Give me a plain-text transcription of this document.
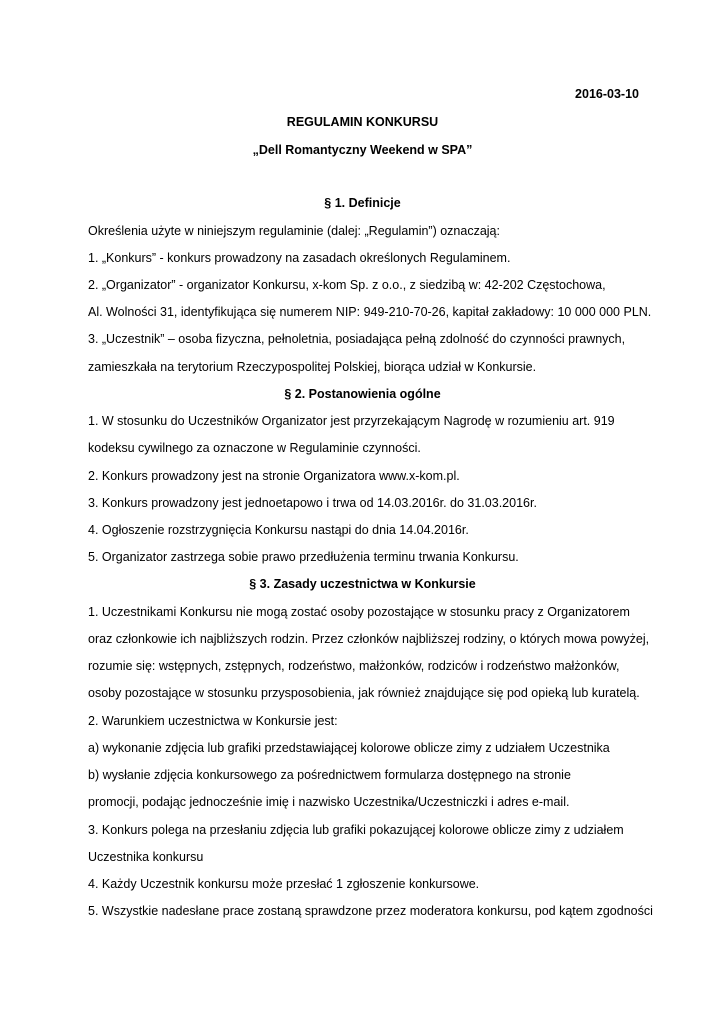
2016-03-10
REGULAMIN KONKURSU
„Dell Romantyczny Weekend w SPA”
§ 1. Definicje
Określenia użyte w niniejszym regulaminie (dalej: „Regulamin”) oznaczają:
1. „Konkurs” - konkurs prowadzony na zasadach określonych Regulaminem.
2. „Organizator” - organizator Konkursu, x-kom Sp. z o.o., z siedzibą w: 42-202 Częstochowa,
Al. Wolności 31, identyfikująca się numerem NIP: 949-210-70-26, kapitał zakładowy: 10 000 000 PLN.
3. „Uczestnik” – osoba fizyczna, pełnoletnia, posiadająca pełną zdolność do czynności prawnych,
zamieszkała na terytorium Rzeczypospolitej Polskiej, biorąca udział w Konkursie.
§ 2. Postanowienia ogólne
1. W stosunku do Uczestników Organizator jest przyrzekającym Nagrodę w rozumieniu art. 919
kodeksu cywilnego za oznaczone w Regulaminie czynności.
2. Konkurs prowadzony jest na stronie Organizatora www.x-kom.pl.
3. Konkurs prowadzony jest jednoetapowo i trwa od 14.03.2016r. do 31.03.2016r.
4. Ogłoszenie rozstrzygnięcia Konkursu nastąpi do dnia 14.04.2016r.
5. Organizator zastrzega sobie prawo przedłużenia terminu trwania Konkursu.
§ 3. Zasady uczestnictwa w Konkursie
1. Uczestnikami Konkursu nie mogą zostać osoby pozostające w stosunku pracy z Organizatorem
oraz członkowie ich najbliższych rodzin. Przez członków najbliższej rodziny, o których mowa powyżej,
rozumie się: wstępnych, zstępnych, rodzeństwo, małżonków, rodziców i rodzeństwo małżonków,
osoby pozostające w stosunku przysposobienia, jak również znajdujące się pod opieką lub kuratelą.
2. Warunkiem uczestnictwa w Konkursie jest:
a) wykonanie zdjęcia lub grafiki przedstawiającej kolorowe oblicze zimy z udziałem Uczestnika
b) wysłanie zdjęcia konkursowego za pośrednictwem formularza dostępnego na stronie
promocji, podając jednocześnie imię i nazwisko Uczestnika/Uczestniczki i adres e-mail.
3. Konkurs polega na przesłaniu zdjęcia lub grafiki pokazującej kolorowe oblicze zimy z udziałem
Uczestnika konkursu
4. Każdy Uczestnik konkursu może przesłać 1 zgłoszenie konkursowe.
5. Wszystkie nadesłane prace zostaną sprawdzone przez moderatora konkursu, pod kątem zgodności
